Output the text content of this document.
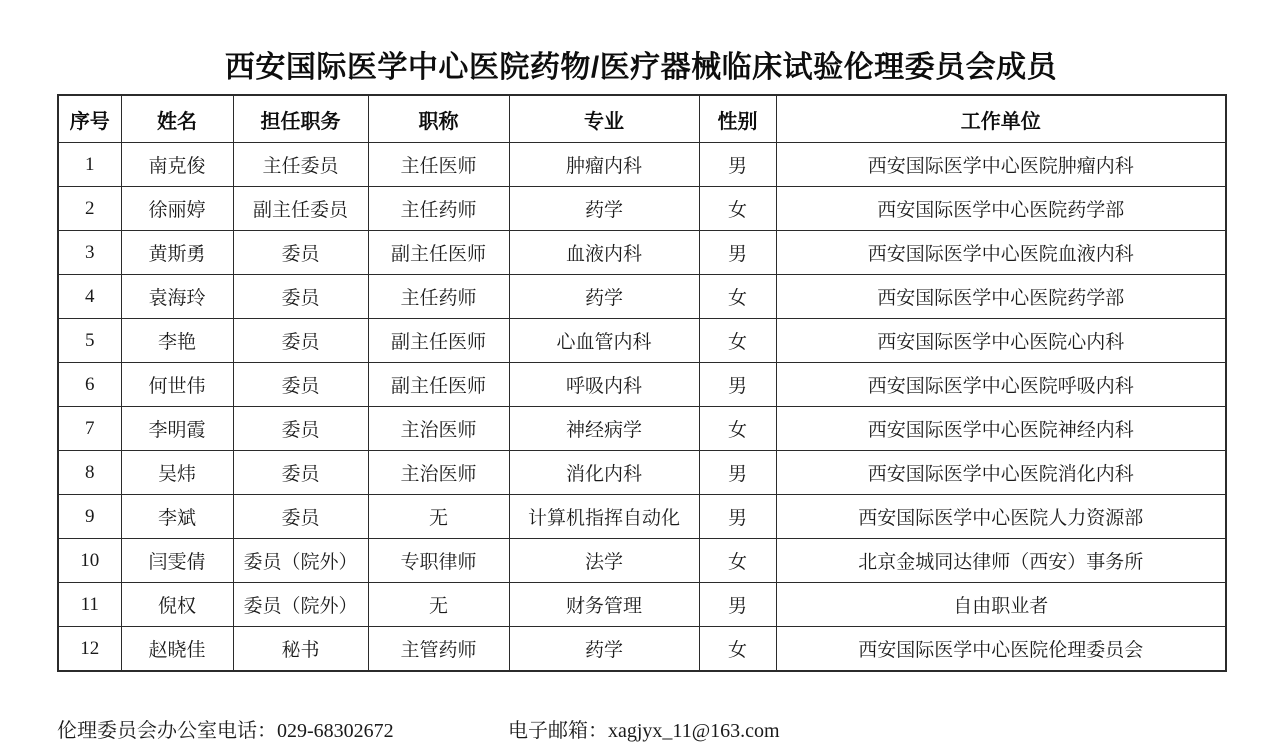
西安国际医学中心医院药物/医疗器械临床试验伦理委员会成员
序号	姓名	担任职务	职称	专业	性别	工作单位
1	南克俊	主任委员	主任医师	肿瘤内科	男	西安国际医学中心医院肿瘤内科
2	徐丽婷	副主任委员	主任药师	药学	女	西安国际医学中心医院药学部
3	黄斯勇	委员	副主任医师	血液内科	男	西安国际医学中心医院血液内科
4	袁海玲	委员	主任药师	药学	女	西安国际医学中心医院药学部
5	李艳	委员	副主任医师	心血管内科	女	西安国际医学中心医院心内科
6	何世伟	委员	副主任医师	呼吸内科	男	西安国际医学中心医院呼吸内科
7	李明霞	委员	主治医师	神经病学	女	西安国际医学中心医院神经内科
8	吴炜	委员	主治医师	消化内科	男	西安国际医学中心医院消化内科
9	李斌	委员	无	计算机指挥自动化	男	西安国际医学中心医院人力资源部
10	闫雯倩	委员（院外）	专职律师	法学	女	北京金城同达律师（西安）事务所
11	倪权	委员（院外）	无	财务管理	男	自由职业者
12	赵晓佳	秘书	主管药师	药学	女	西安国际医学中心医院伦理委员会
伦理委员会办公室电话：029-68302672	电子邮箱：xagjyx_11@163.com
